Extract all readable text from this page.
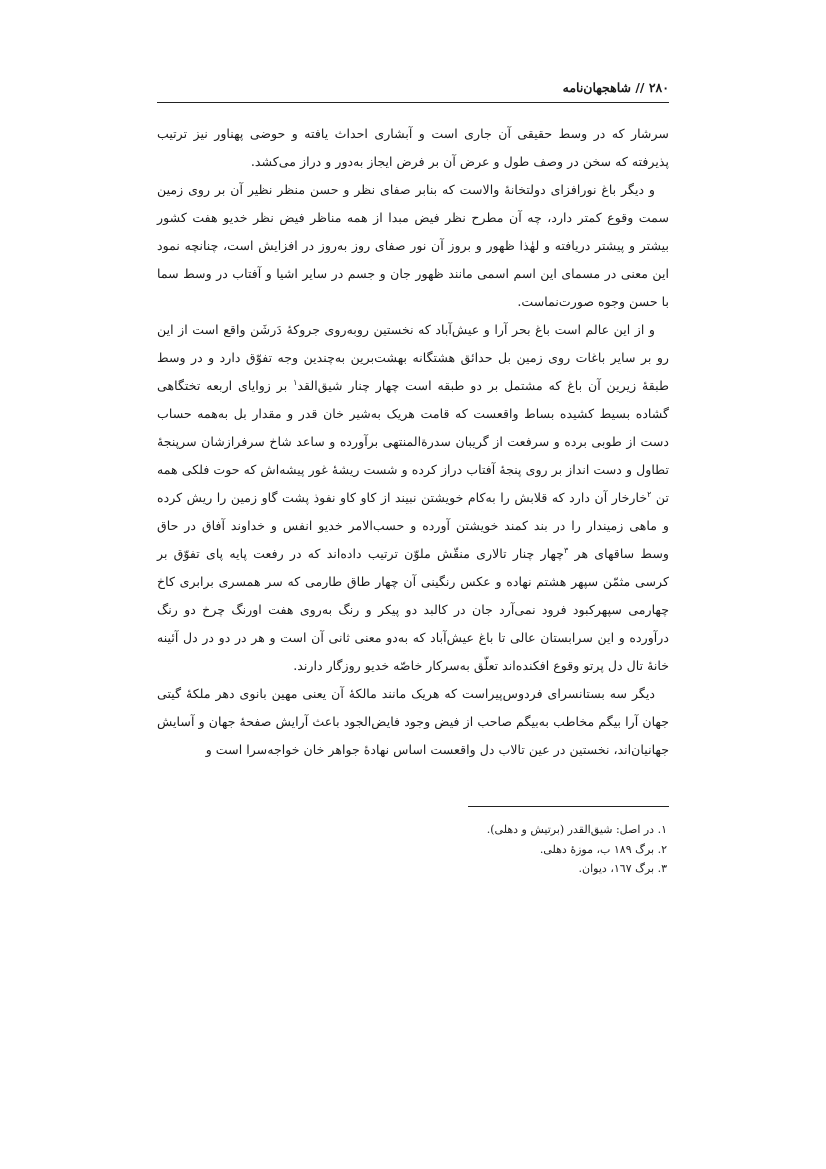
۲۸۰ // شاهجهان‌نامه

سرشار که در وسط حقیقی آن جاری است و آبشاری احداث یافته و حوضی پهناور نیز ترتیب پذیرفته که سخن در وصف طول و عرض آن بر فرض ایجاز به‌دور و دراز می‌کشد.

و دیگر باغ نورافزای دولتخانهٔ والاست که بنابر صفای نظر و حسن منظر نظیر آن بر روی زمین سمت وقوع کمتر دارد، چه آن مطرح نظر فیض مبدا از همه مناظر فیض نظر خدیو هفت کشور بیشتر و پیشتر دریافته و لهٰذا ظهور و بروز آن نور صفای روز به‌روز در افزایش است، چنانچه نمود این معنی در مسمای این اسم اسمی مانند ظهور جان و جسم در سایر اشیا و آفتاب در وسط سما با حسن وجوه صورت‌نماست.

و از این عالم است باغ بحر آرا و عیش‌آباد که نخستین روبه‌روی جروکهٔ دَرشَن واقع است از این رو بر سایر باغات روی زمین بل حدائق هشتگانه بهشت‌برین به‌چندین وجه تفوّق دارد و در وسط طبقهٔ زیرین آن باغ که مشتمل بر دو طبقه است چهار چنار شیق‌القد$^۱$ بر زوایای اربعه تختگاهی گشاده بسیط کشیده بساط واقعست که قامت هریک به‌شیر خان قدر و مقدار بل به‌همه حساب دست از طوبی برده و سرفعت از گریبان سدرةالمنتهی برآورده و ساعد شاخ سرفرازشان سرپنجهٔ تطاول و دست انداز بر روی پنجهٔ آفتاب دراز کرده و شست ریشهٔ غور پیشه‌اش که حوت فلکی همه تن $^۲$خارخار آن دارد که قلابش را به‌کام خویشتن نبیند از کاو کاو نفوذ پشت گاو زمین را ریش کرده و ماهی زمیندار را در بند کمند خویشتن آورده و حسب‌الامر خدیو انفس و خداوند آفاق در حاق وسط ساقهای هر $^۳$چهار چنار تالاری منقّش ملوّن ترتیب داده‌اند که در رفعت پایه پای تفوّق بر کرسی مثمّن سپهر هشتم نهاده و عکس رنگینی آن چهار طاق طارمی که سر همسری برابری کاخ چهارمی سپهرکبود فرود نمی‌آرد جان در کالبد دو پیکر و رنگ به‌روی هفت اورنگ چرخ دو رنگ درآورده و این سرابستان عالی تا باغ عیش‌آباد که به‌دو معنی ثانی آن است و هر در دو در دل آئینه خانهٔ تال دل پرتو وقوع افکنده‌اند تعلّق به‌سرکار خاصّه خدیو روزگار دارند.

دیگر سه بستانسرای فردوس‌پیراست که هریک مانند مالکهٔ آن یعنی مهین بانوی دهر ملکهٔ گیتی جهان آرا بیگم مخاطب به‌بیگم صاحب از فیض وجود فایض‌الجود باعث آرایش صفحهٔ جهان و آسایش جهانیان‌اند، نخستین در عین تالاب دل واقعست اساس نهادهٔ جواهر خان خواجه‌سرا است و

۱. در اصل: شیق‌القدر (برتیش و دهلی).
۲. برگ ۱۸۹ ب، موزهٔ دهلی.
۳. برگ ۱٦٧، دیوان.
